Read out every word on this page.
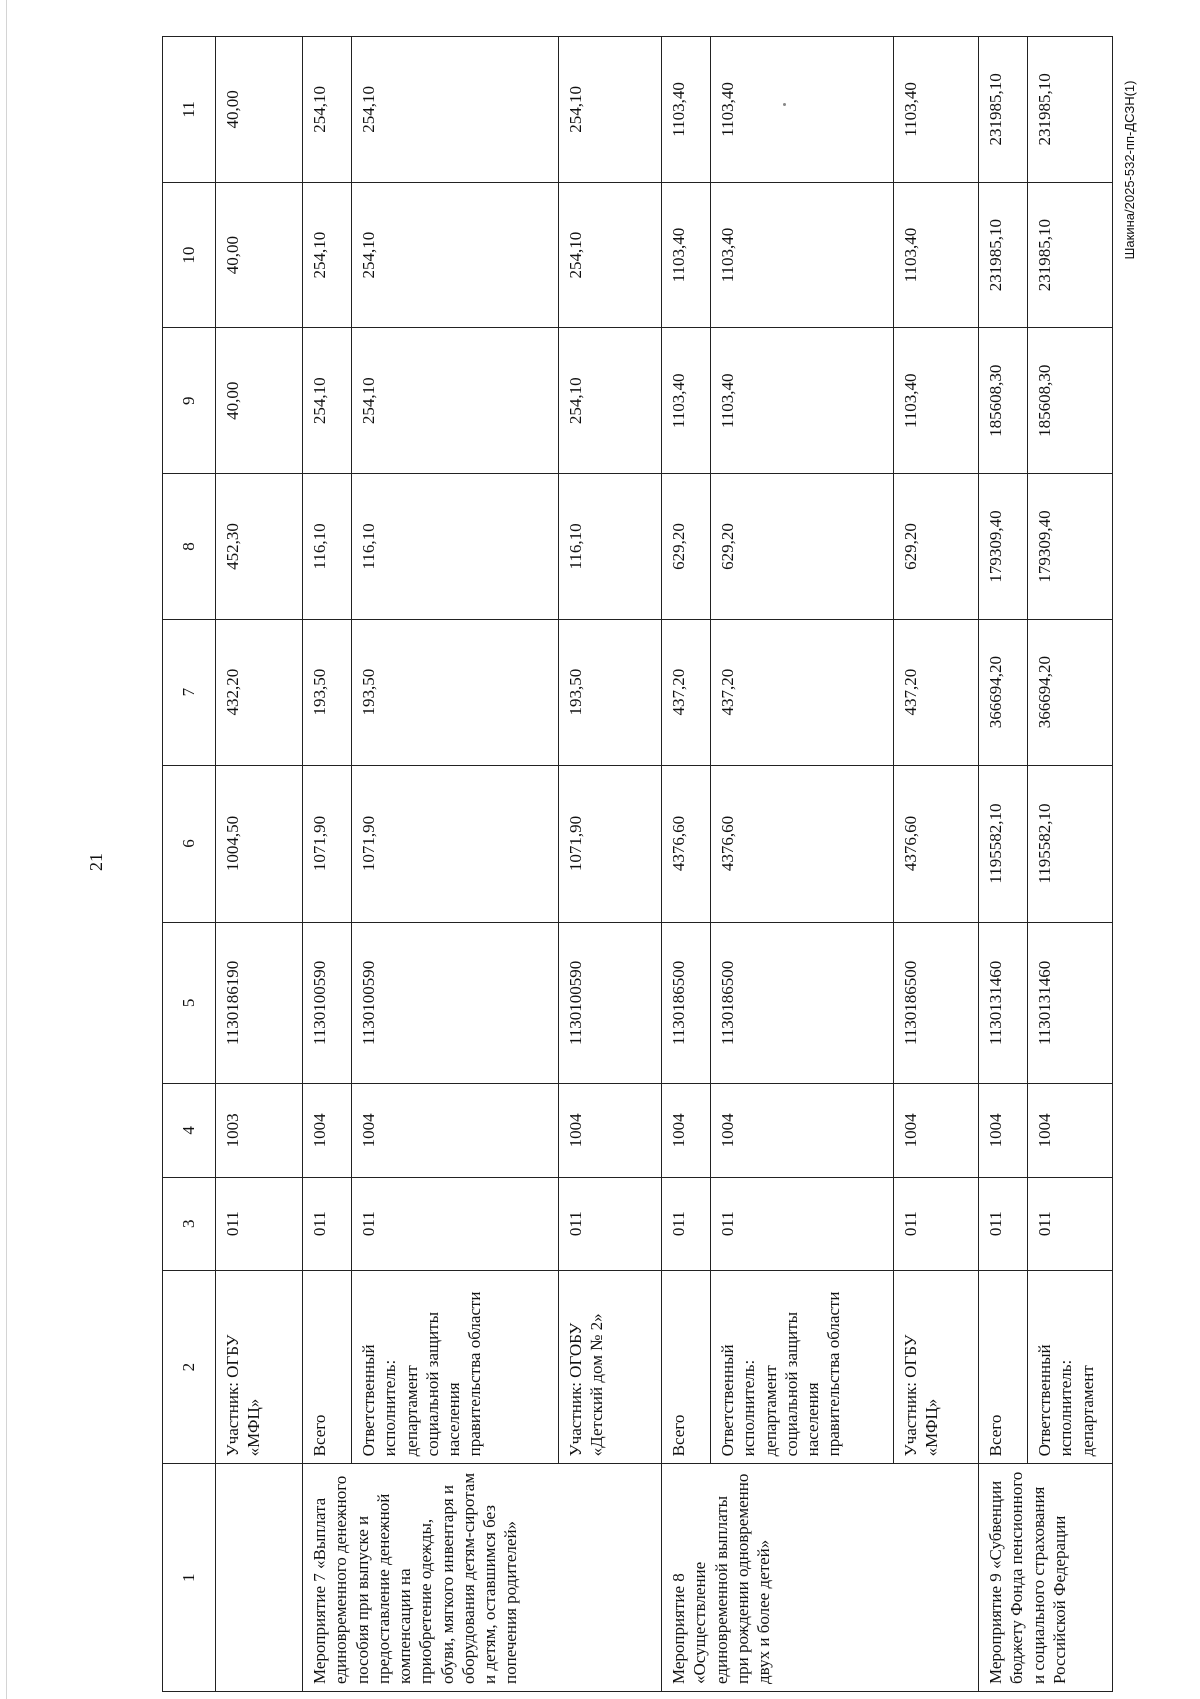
21
Шакина/2025-532-пп-ДСЗН(1)
1	2	3	4	5	6	7	8	9	10	11
	Участник: ОГБУ «МФЦ»	011	1003	1130186190	1004,50	432,20	452,30	40,00	40,00	40,00
Мероприятие 7 «Выплата единовременного денежного пособия при выпуске и предоставление денежной компенсации на приобретение одежды, обуви, мягкого инвентаря и оборудования детям-сиротам и детям, оставшимся без попечения родителей»	Всего	011	1004	1130100590	1071,90	193,50	116,10	254,10	254,10	254,10
	Ответственный исполнитель: департамент социальной защиты населения правительства области	011	1004	1130100590	1071,90	193,50	116,10	254,10	254,10	254,10
	Участник: ОГОБУ «Детский дом № 2»	011	1004	1130100590	1071,90	193,50	116,10	254,10	254,10	254,10
Мероприятие 8 «Осуществление единовременной выплаты при рождении одновременно двух и более детей»	Всего	011	1004	1130186500	4376,60	437,20	629,20	1103,40	1103,40	1103,40
	Ответственный исполнитель: департамент социальной защиты населения правительства области	011	1004	1130186500	4376,60	437,20	629,20	1103,40	1103,40	1103,40
	Участник: ОГБУ «МФЦ»	011	1004	1130186500	4376,60	437,20	629,20	1103,40	1103,40	1103,40
Мероприятие 9 «Субвенции бюджету Фонда пенсионного и социального страхования Российской Федерации	Всего	011	1004	1130131460	1195582,10	366694,20	179309,40	185608,30	231985,10	231985,10
	Ответственный исполнитель: департамент	011	1004	1130131460	1195582,10	366694,20	179309,40	185608,30	231985,10	231985,10
